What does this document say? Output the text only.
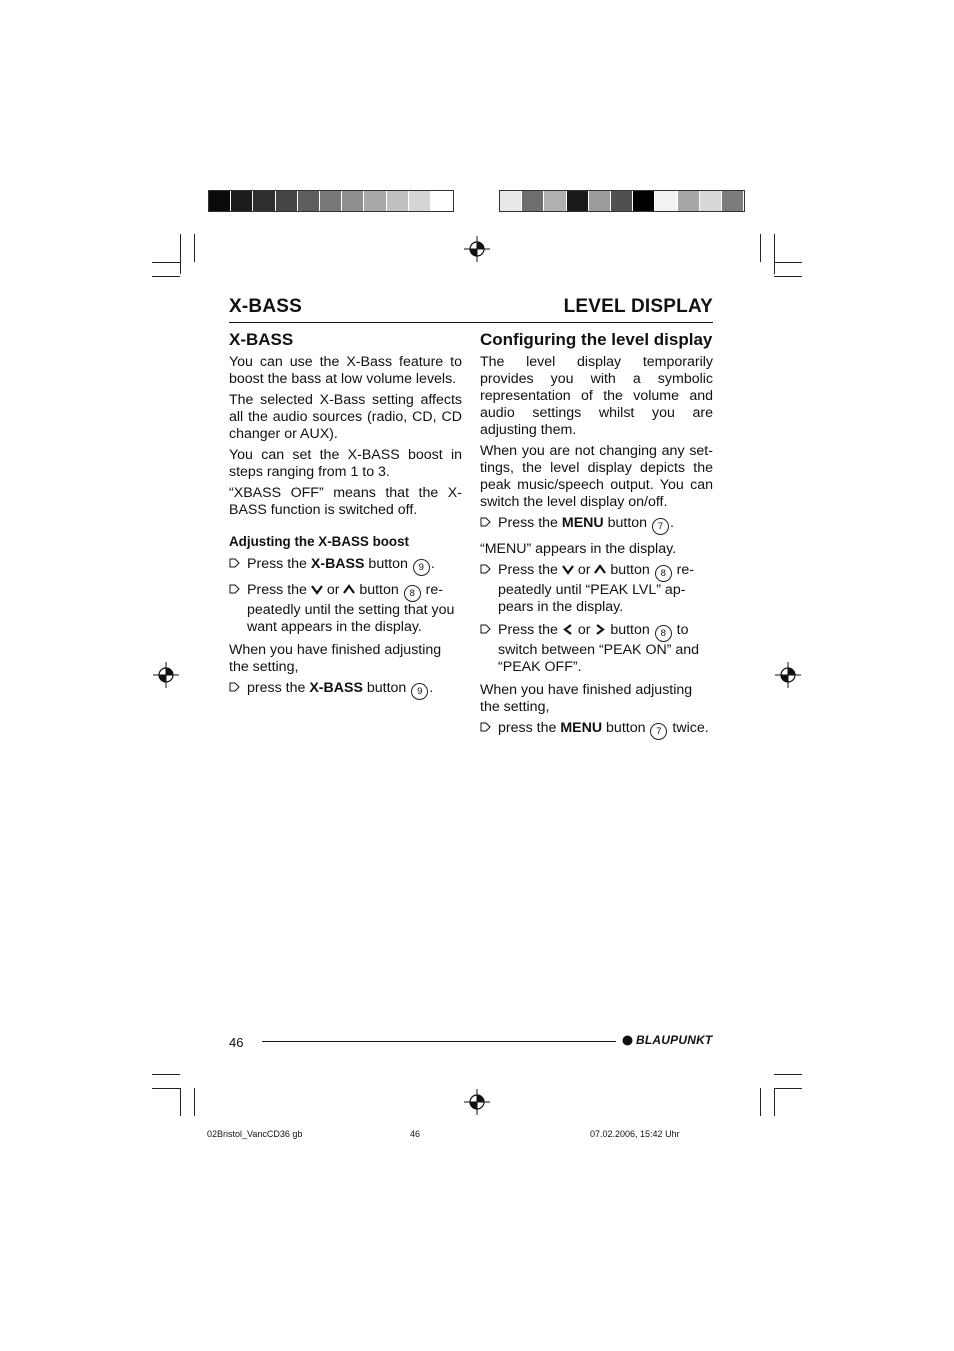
X-BASS	LEVEL DISPLAY
X-BASS

You can use the X-Bass feature to boost the bass at low volume levels.

The selected X-Bass setting affects all the audio sources (radio, CD, CD changer or AUX).

You can set the X-BASS boost in steps ranging from 1 to 3.

“XBASS OFF” means that the X-BASS function is switched off.

Adjusting the X-BASS boost
Press the X-BASS button 9 .
Press the  or  button 8 repeatedly until the setting that you want appears in the display.

When you have finished adjusting the setting,

press the X-BASS button 9 .
Configuring the level display

The level display temporarily provides you with a symbolic representation of the volume and audio settings whilst you are adjusting them.

When you are not changing any settings, the level display depicts the peak music/speech output. You can switch the level display on/off.

Press the MENU button 7 .

“MENU” appears in the display.

Press the  or  button 8 repeatedly until “PEAK LVL” appears in the display.
Press the  or  button 8 to switch between “PEAK ON” and “PEAK OFF”.

When you have finished adjusting the setting,

press the MENU button 7 twice.
46	BLAUPUNKT
02Bristol_VancCD36 gb	46	07.02.2006, 15:42 Uhr
